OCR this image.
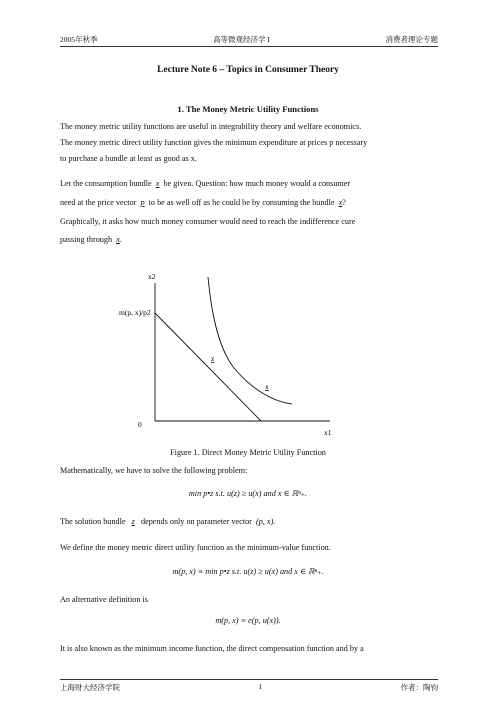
2005年秋季	高等微观经济学 I	消费者理论专题
Lecture Note 6 – Topics in Consumer Theory
1. The Money Metric Utility Functions
The money metric utility functions are useful in integrability theory and welfare economics.
The money metric direct utility function gives the minimum expenditure at prices p necessary
to purchase a bundle at least as good as x.
Let the consumption bundle x be given. Question: how much money would a consumer
need at the price vector p to be as well off as he could be by consuming the bundle x?
Graphically, it asks how much money consumer would need to reach the indifference cure
passing through x.
x2
x1
0
m(p, x)/p2
z
x
Figure 1. Direct Money Metric Utility Function
Mathematically, we have to solve the following problem:
min p•z s.t. u(z) ≥ u(x) and x ∈ ℝⁿ₊.
The solution bundle z depends only on parameter vector (p, x).
We define the money metric direct utility function as the minimum-value function.
m(p, x) ≡ min p•z s.t. u(z) ≥ u(x) and x ∈ ℝⁿ₊.
An alternative definition is
m(p, x) ≡ e(p, u(x)).
It is also known as the minimum income function, the direct compensation function and by a
上海财大经济学院	1	作者：陶钧
